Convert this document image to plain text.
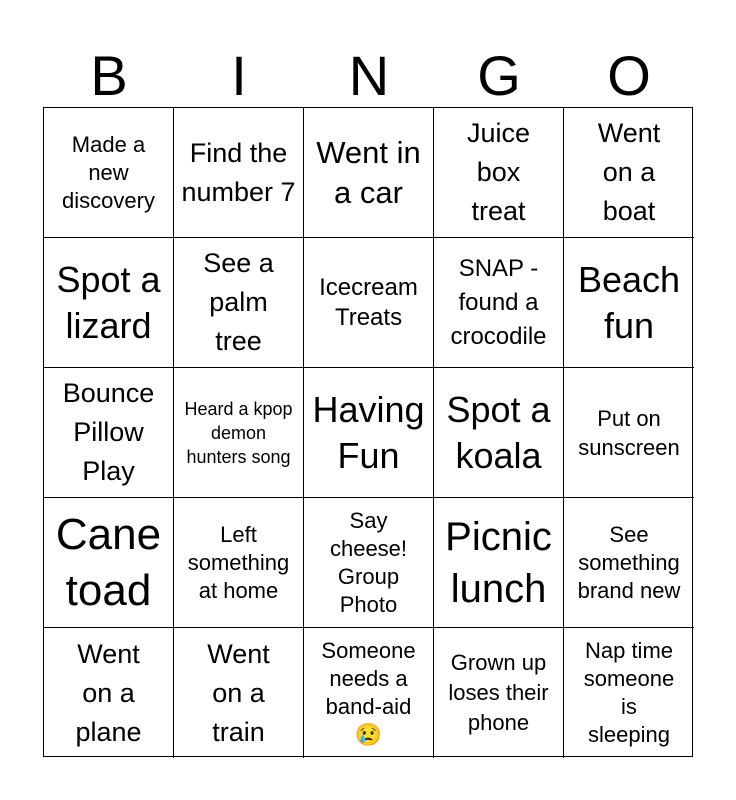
B	I	N	G	O
Made a new discovery
Find the number 7
Went in a car
Juice box treat
Went on a boat
Spot a lizard
See a palm tree
Icecream Treats
SNAP - found a crocodile
Beach fun
Bounce Pillow Play
Heard a kpop demon hunters song
Having Fun
Spot a koala
Put on sunscreen
Cane toad
Left something at home
Say cheese! Group Photo
Picnic lunch
See something brand new
Went on a plane
Went on a train
Someone needs a band-aid 😢
Grown up loses their phone
Nap time someone is sleeping
